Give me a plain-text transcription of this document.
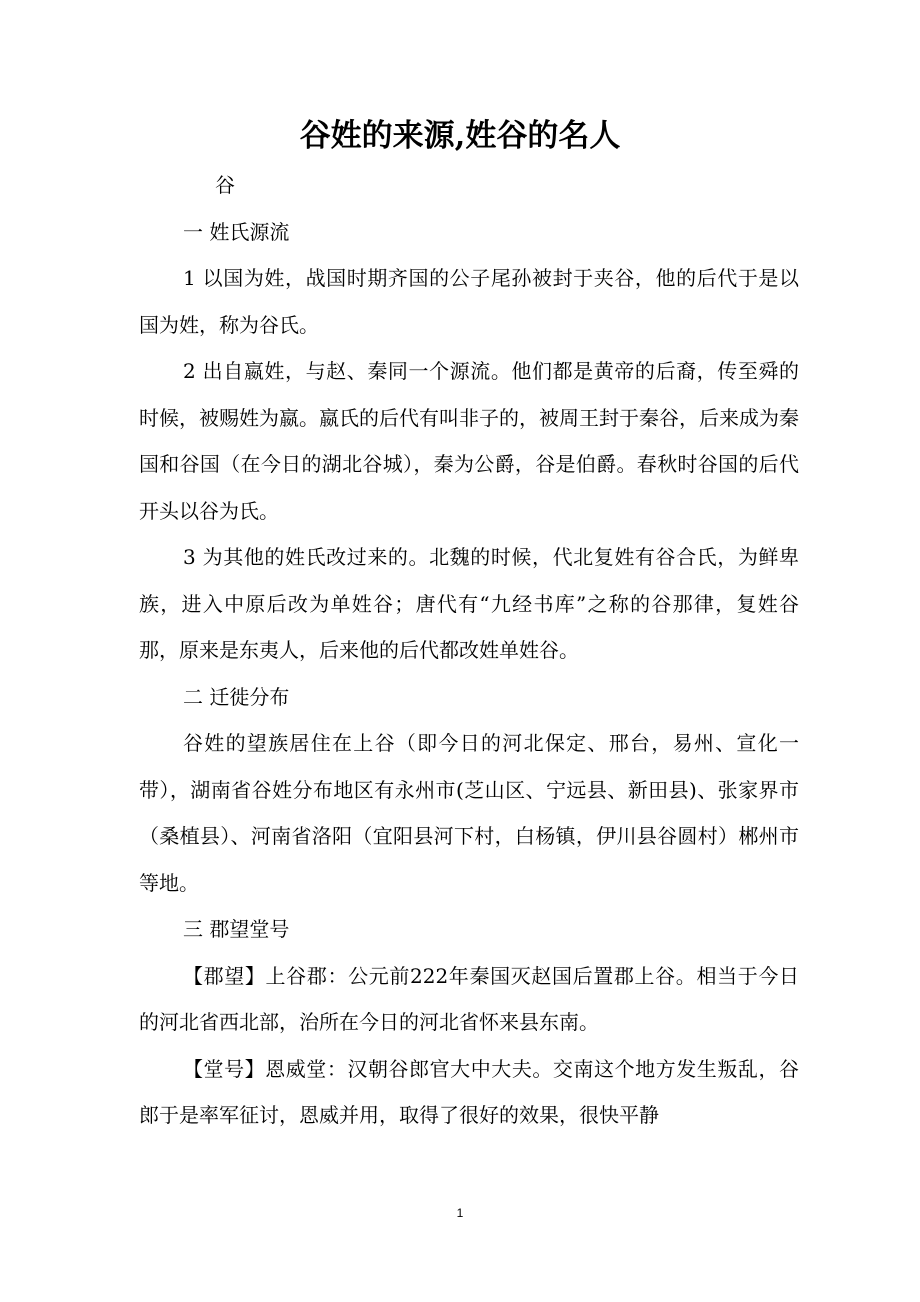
谷姓的来源,姓谷的名人

谷

一 姓氏源流

1 以国为姓，战国时期齐国的公子尾孙被封于夹谷，他的后代于是以国为姓，称为谷氏。

2 出自嬴姓，与赵、秦同一个源流。他们都是黄帝的后裔，传至舜的时候，被赐姓为嬴。嬴氏的后代有叫非子的，被周王封于秦谷，后来成为秦国和谷国（在今日的湖北谷城），秦为公爵，谷是伯爵。春秋时谷国的后代开头以谷为氏。

3 为其他的姓氏改过来的。北魏的时候，代北复姓有谷合氏，为鲜卑族，进入中原后改为单姓谷；唐代有“九经书库”之称的谷那律，复姓谷那，原来是东夷人，后来他的后代都改姓单姓谷。

二 迁徙分布

谷姓的望族居住在上谷（即今日的河北保定、邢台，易州、宣化一带），湖南省谷姓分布地区有永州市(芝山区、宁远县、新田县)、张家界市（桑植县）、河南省洛阳（宜阳县河下村，白杨镇，伊川县谷圆村）郴州市等地。

三 郡望堂号

【郡望】上谷郡：公元前222年秦国灭赵国后置郡上谷。相当于今日的河北省西北部，治所在今日的河北省怀来县东南。

【堂号】恩威堂：汉朝谷郎官大中大夫。交南这个地方发生叛乱，谷郎于是率军征讨，恩威并用，取得了很好的效果，很快平静

1
